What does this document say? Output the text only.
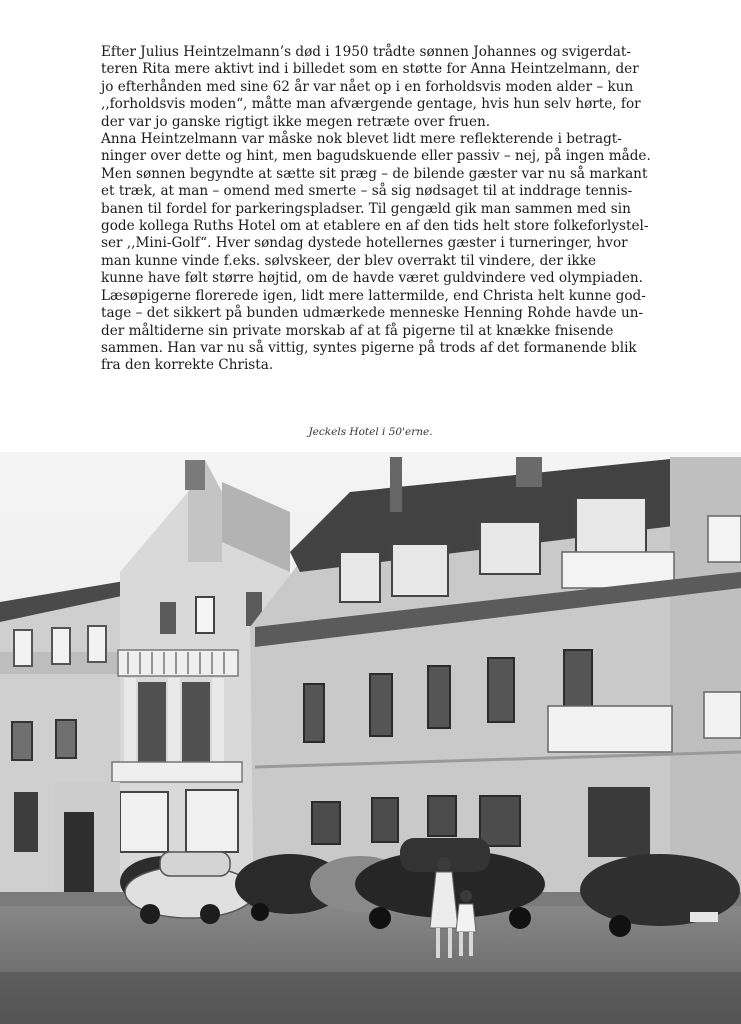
Efter Julius Heintzelmann’s død i 1950 trådte sønnen Johannes og svigerdat-
teren Rita mere aktivt ind i billedet som en støtte for Anna Heintzelmann, der
jo efterhånden med sine 62 år var nået op i en forholdsvis moden alder – kun
,,forholdsvis moden“, måtte man afværgende gentage, hvis hun selv hørte, for
der var jo ganske rigtigt ikke megen retræte over fruen.

Anna Heintzelmann var måske nok blevet lidt mere reflekterende i betragt-
ninger over dette og hint, men bagudskuende eller passiv – nej, på ingen måde.
Men sønnen begyndte at sætte sit præg – de bilende gæster var nu så markant
et træk, at man – omend med smerte – så sig nødsaget til at inddrage tennis-
banen til fordel for parkeringspladser. Til gengæld gik man sammen med sin
gode kollega Ruths Hotel om at etablere en af den tids helt store folkeforlystel-
ser ,,Mini-Golf“. Hver søndag dystede hotellernes gæster i turneringer, hvor
man kunne vinde f.eks. sølvskeer, der blev overrakt til vindere, der ikke
kunne have følt større højtid, om de havde været guldvindere ved olympiaden.
Læsøpigerne florerede igen, lidt mere lattermilde, end Christa helt kunne god-
tage – det sikkert på bunden udmærkede menneske Henning Rohde havde un-
der måltiderne sin private morskab af at få pigerne til at knække fnisende
sammen. Han var nu så vittig, syntes pigerne på trods af det formanende blik
fra den korrekte Christa.

Jeckels Hotel i 50'erne.
